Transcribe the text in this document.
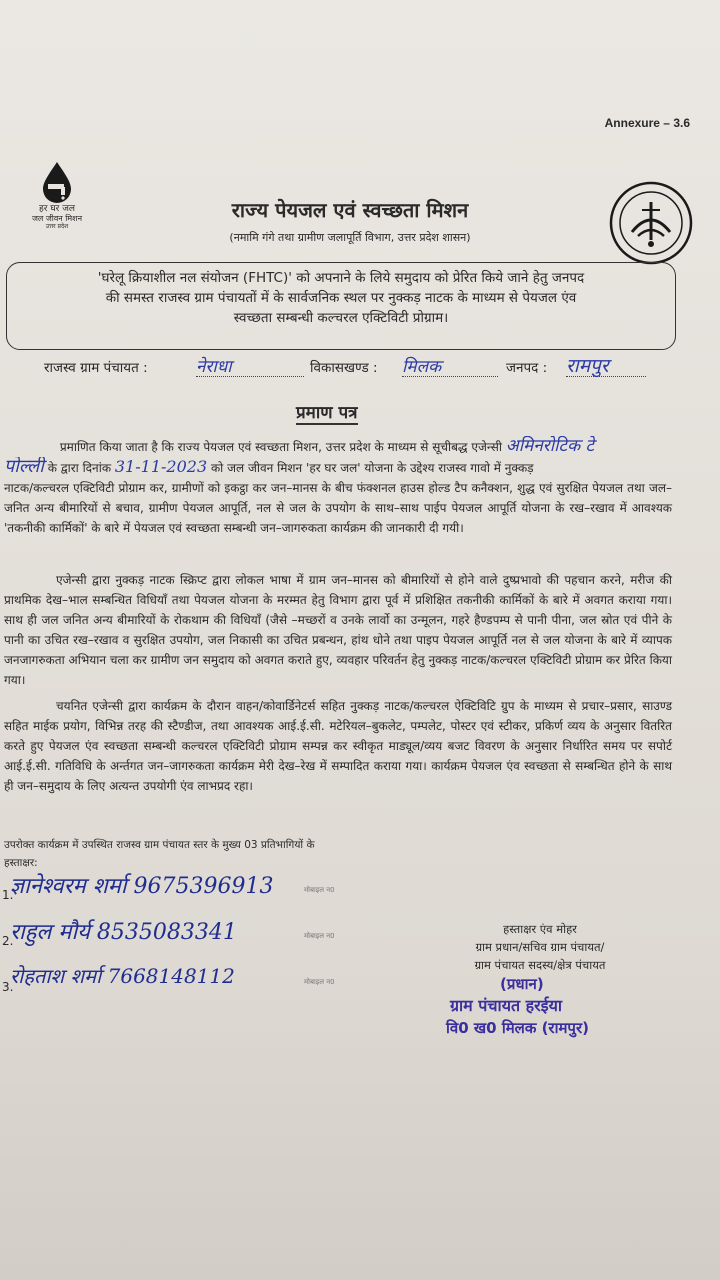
Annexure – 3.6
हर घर जल
जल जीवन मिशन
उत्तर प्रदेश
राज्य पेयजल एवं स्वच्छता मिशन
(नमामि गंगे तथा ग्रामीण जलापूर्ति विभाग, उत्तर प्रदेश शासन)
'घरेलू क्रियाशील नल संयोजन (FHTC)' को अपनाने के लिये समुदाय को प्रेरित किये जाने हेतु जनपद
की समस्त राजस्व ग्राम पंचायतों में के सार्वजनिक स्थल पर नुक्कड़ नाटक के माध्यम से पेयजल एंव
स्वच्छता सम्बन्धी कल्चरल एक्टिविटी प्रोग्राम।
राजस्व ग्राम पंचायत :	नेराधा	विकासखण्ड : मिलक	जनपद : रामपुर
प्रमाण पत्र
प्रमाणित किया जाता है कि राज्य पेयजल एवं स्वच्छता मिशन, उत्तर प्रदेश के माध्यम से सूचीबद्ध एजेन्सी अमिनरोटिक टे
पोल्ली के द्वारा दिनांक 31-11-2023 को जल जीवन मिशन 'हर घर जल' योजना के उद्देश्य राजस्व गावो में नुक्कड़
नाटक/कल्चरल एक्टिविटी प्रोग्राम कर, ग्रामीणों को इकट्ठा कर जन–मानस के बीच फंक्शनल हाउस होल्ड टैप कनैक्शन, शुद्ध एवं सुरक्षित पेयजल तथा जल–जनित अन्य बीमारियों से बचाव, ग्रामीण पेयजल आपूर्ति, नल से जल के उपयोग के साथ–साथ पाईप पेयजल आपूर्ति योजना के रख–रखाव में आवश्यक 'तकनीकी कार्मिकों' के बारे में पेयजल एवं स्वच्छता सम्बन्धी जन–जागरुकता कार्यक्रम की जानकारी दी गयी।
एजेन्सी द्वारा नुक्कड़ नाटक स्क्रिप्ट द्वारा लोकल भाषा में ग्राम जन–मानस को बीमारियों से होने वाले दुष्प्रभावो की पहचान करने, मरीज की प्राथमिक देख–भाल सम्बन्धित विधियाँ तथा पेयजल योजना के मरम्मत हेतु विभाग द्वारा पूर्व में प्रशिक्षित तकनीकी कार्मिकों के बारे में अवगत कराया गया। साथ ही जल जनित अन्य बीमारियों के रोकथाम की विधियाँ (जैसे –मच्छरों व उनके लार्वो का उन्मूलन, गहरे हैण्डपम्प से पानी पीना, जल स्रोत एवं पीने के पानी का उचित रख–रखाव व सुरक्षित उपयोग, जल निकासी का उचित प्रबन्धन, हांथ धोने तथा पाइप पेयजल आपूर्ति नल से जल योजना के बारे में व्यापक जनजागरुकता अभियान चला कर ग्रामीण जन समुदाय को अवगत कराते हुए, व्यवहार परिवर्तन हेतु नुक्कड़ नाटक/कल्चरल एक्टिविटी प्रोग्राम कर प्रेरित किया गया।
चयनित एजेन्सी द्वारा कार्यक्रम के दौरान वाहन/कोवार्डिनेटर्स सहित नुक्कड़ नाटक/कल्चरल ऐक्टिविटि ग्रुप के माध्यम से प्रचार–प्रसार, साउण्ड सहित माईक प्रयोग, विभिन्न तरह की स्टैण्डीज, तथा आवश्यक आई.ई.सी. मटेरियल–बुकलेट, पम्पलेट, पोस्टर एवं स्टीकर, प्रकिर्ण व्यय के अनुसार वितरित करते हुए पेयजल एंव स्वच्छता सम्बन्धी कल्चरल एक्टिविटी प्रोग्राम सम्पन्न कर स्वीकृत माड्यूल/व्यय बजट विवरण के अनुसार निर्धारित समय पर सपोर्ट आई.ई.सी. गतिविधि के अर्न्तगत जन–जागरुकता कार्यक्रम मेरी देख–रेख में सम्पादित कराया गया। कार्यक्रम पेयजल एंव स्वच्छता से सम्बन्धित होने के साथ ही जन–समुदाय के लिए अत्यन्त उपयोगी एंव लाभप्रद रहा।
उपरोक्त कार्यक्रम में उपस्थित राजस्व ग्राम पंचायत स्तर के मुख्य 03 प्रतिभागियों के
हस्ताक्षर:
1.
ज्ञानेश्वरम शर्मा 9675396913	मोबाइल न0
2.
राहुल मौर्य 8535083341	मोबाइल न0
3.
रोहताश शर्मा 7668148112	मोबाइल न0
हस्ताक्षर एंव मोहर
ग्राम प्रधान/सचिव ग्राम पंचायत/
ग्राम पंचायत सदस्य/क्षेत्र पंचायत
(प्रधान)
ग्राम पंचायत हरईया
वि0 ख0 मिलक (रामपुर)
